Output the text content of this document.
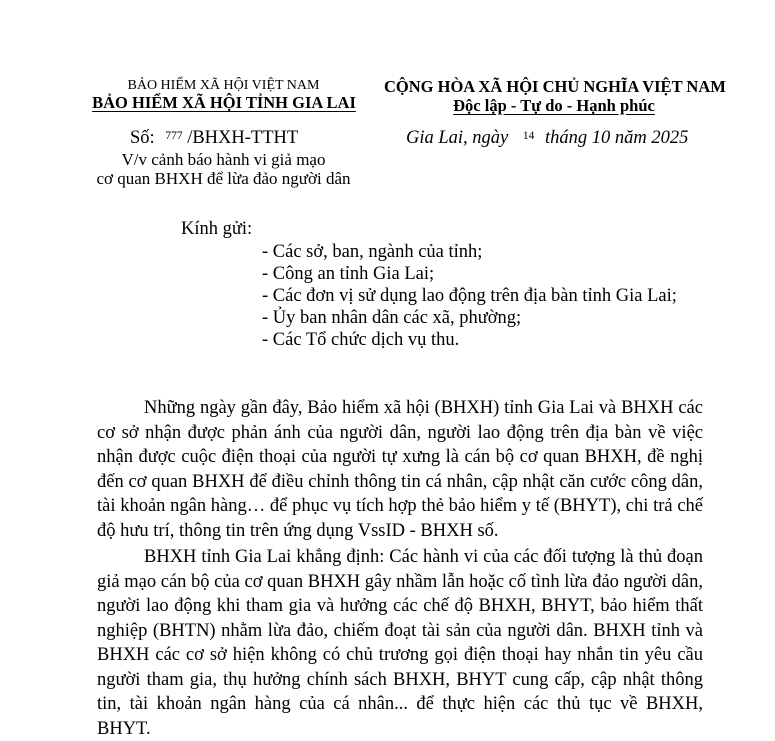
BẢO HIỂM XÃ HỘI VIỆT NAM
BẢO HIỂM XÃ HỘI TỈNH GIA LAI
Số: $^{777}$ /BHXH-TTHT
V/v cảnh báo hành vi giả mạo
cơ quan BHXH để lừa đảo người dân
CỘNG HÒA XÃ HỘI CHỦ NGHĨA VIỆT NAM
Độc lập - Tự do - Hạnh phúc
Gia Lai, ngày $^{14}$ tháng 10 năm 2025
Kính gửi:
- Các sở, ban, ngành của tỉnh;
- Công an tỉnh Gia Lai;
- Các đơn vị sử dụng lao động trên địa bàn tỉnh Gia Lai;
- Ủy ban nhân dân các xã, phường;
- Các Tổ chức dịch vụ thu.

Những ngày gần đây, Bảo hiểm xã hội (BHXH) tỉnh Gia Lai và BHXH các cơ sở nhận được phản ánh của người dân, người lao động trên địa bàn về việc nhận được cuộc điện thoại của người tự xưng là cán bộ cơ quan BHXH, đề nghị đến cơ quan BHXH để điều chỉnh thông tin cá nhân, cập nhật căn cước công dân, tài khoản ngân hàng… để phục vụ tích hợp thẻ bảo hiểm y tế (BHYT), chi trả chế độ hưu trí, thông tin trên ứng dụng VssID - BHXH số.

BHXH tỉnh Gia Lai khẳng định: Các hành vi của các đối tượng là thủ đoạn giả mạo cán bộ của cơ quan BHXH gây nhầm lẫn hoặc cố tình lừa đảo người dân, người lao động khi tham gia và hưởng các chế độ BHXH, BHYT, bảo hiểm thất nghiệp (BHTN) nhằm lừa đảo, chiếm đoạt tài sản của người dân. BHXH tỉnh và BHXH các cơ sở hiện không có chủ trương gọi điện thoại hay nhắn tin yêu cầu người tham gia, thụ hưởng chính sách BHXH, BHYT cung cấp, cập nhật thông tin, tài khoản ngân hàng của cá nhân... để thực hiện các thủ tục về BHXH, BHYT.
